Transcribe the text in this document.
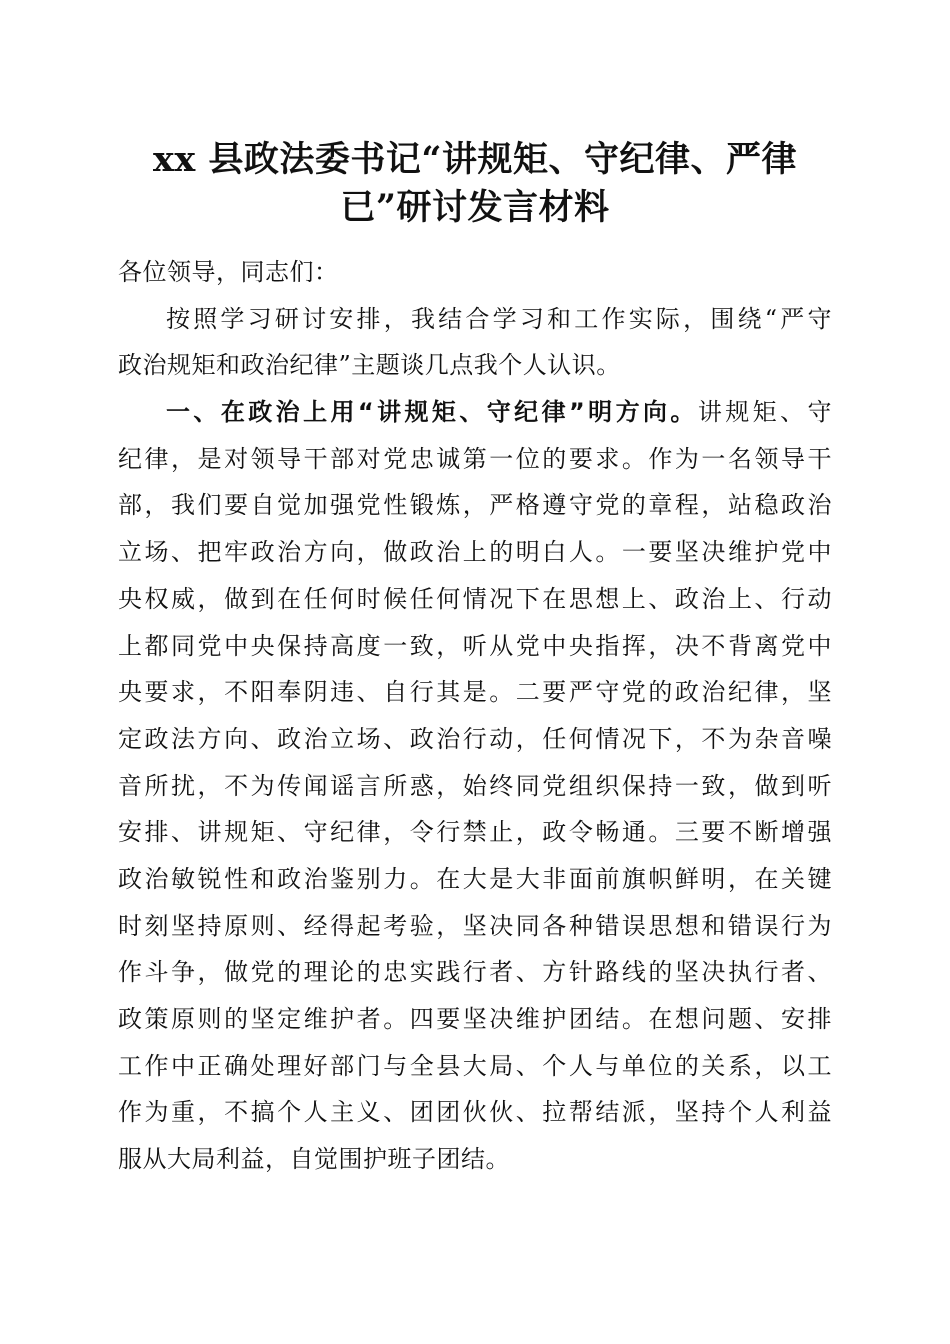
xx 县政法委书记“讲规矩、守纪律、严律
已”研讨发言材料
各位领导，同志们：
按照学习研讨安排，我结合学习和工作实际，围绕“严守
政治规矩和政治纪律”主题谈几点我个人认识。
一、在政治上用“讲规矩、守纪律”明方向。讲规矩、守
纪律，是对领导干部对党忠诚第一位的要求。作为一名领导干
部，我们要自觉加强党性锻炼，严格遵守党的章程，站稳政治
立场、把牢政治方向，做政治上的明白人。一要坚决维护党中
央权威，做到在任何时候任何情况下在思想上、政治上、行动
上都同党中央保持高度一致，听从党中央指挥，决不背离党中
央要求，不阳奉阴违、自行其是。二要严守党的政治纪律，坚
定政法方向、政治立场、政治行动，任何情况下，不为杂音噪
音所扰，不为传闻谣言所惑，始终同党组织保持一致，做到听
安排、讲规矩、守纪律，令行禁止，政令畅通。三要不断增强
政治敏锐性和政治鉴别力。在大是大非面前旗帜鲜明，在关键
时刻坚持原则、经得起考验，坚决同各种错误思想和错误行为
作斗争，做党的理论的忠实践行者、方针路线的坚决执行者、
政策原则的坚定维护者。四要坚决维护团结。在想问题、安排
工作中正确处理好部门与全县大局、个人与单位的关系，以工
作为重，不搞个人主义、团团伙伙、拉帮结派，坚持个人利益
服从大局利益，自觉围护班子团结。
